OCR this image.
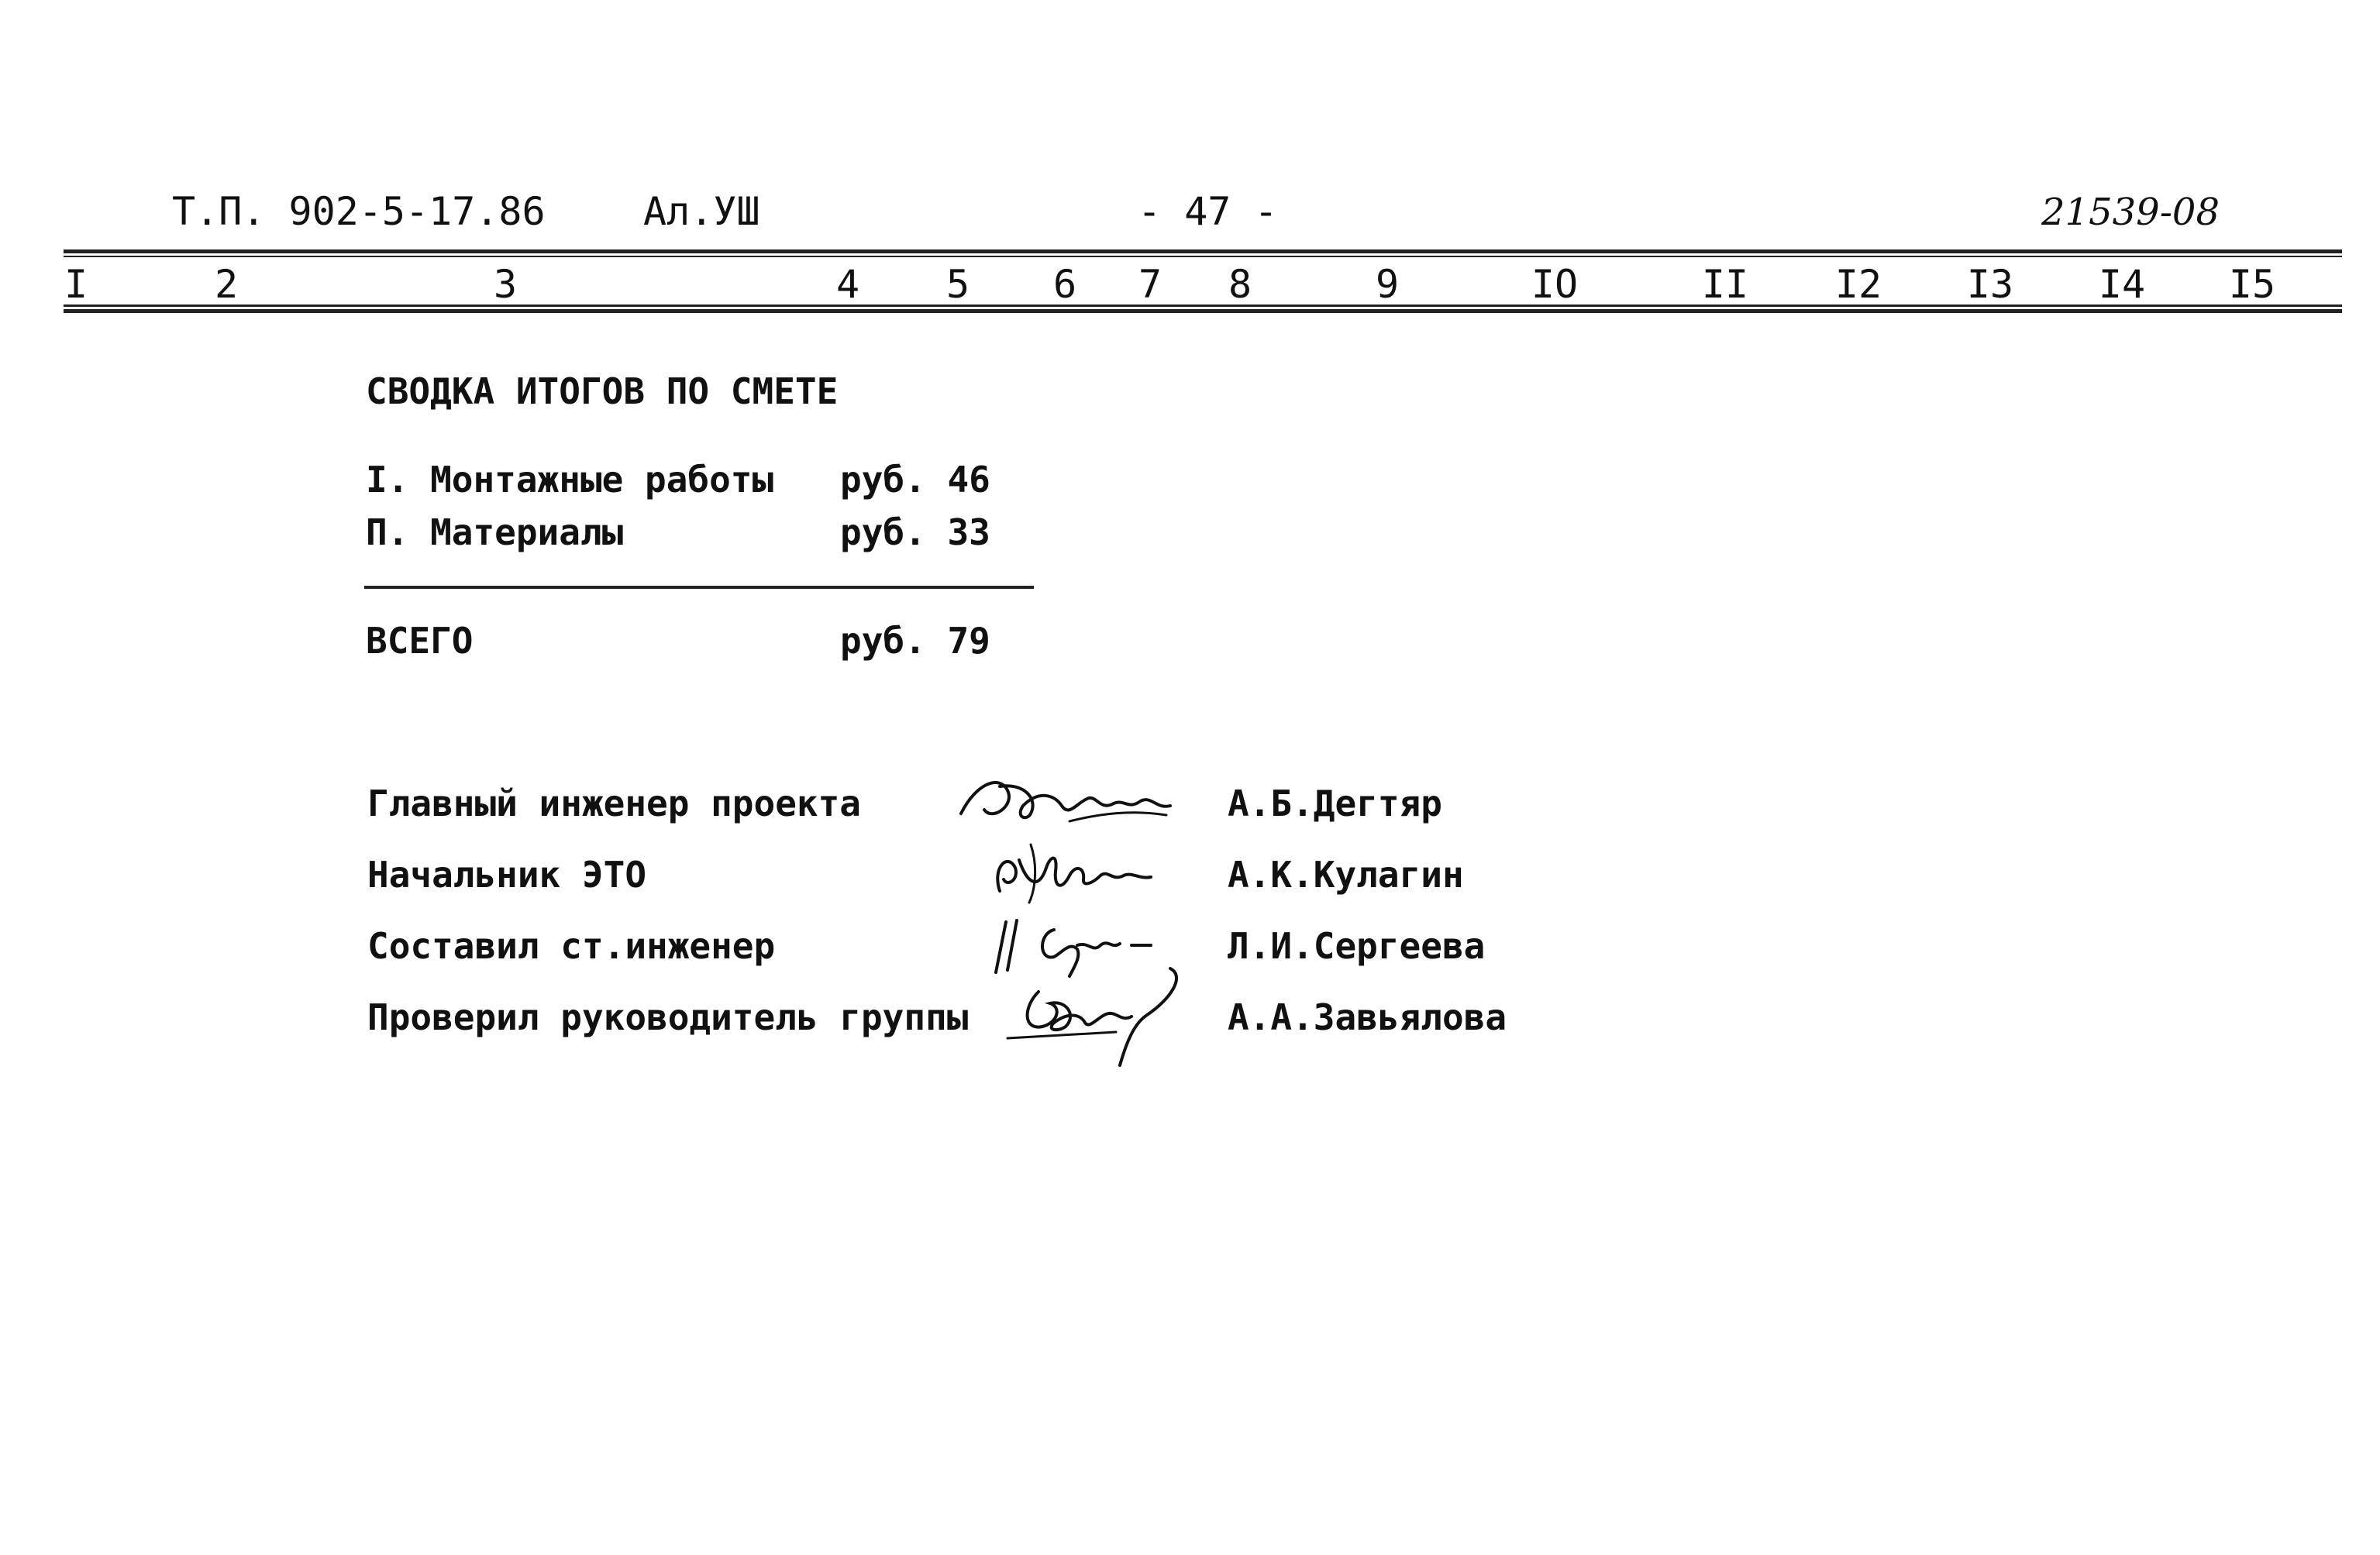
Т.П. 902-5-17.86	Ал.УШ	- 47 -	21539-08
I	2	3	4 5 6 7 8	9	IO	II I2 I3 I4 I5
СВОДКА ИТОГОВ ПО СМЕТЕ
I. Монтажные работы руб. 46
П. Материалы	руб. 33
ВСЕГО	руб. 79
Главный инженер проекта	А.Б.Дегтяр
Начальник ЭТО	А.К.Кулагин
Составил ст.инженер	Л.И.Сергеева
Проверил руководитель группы	А.А.Завьялова
